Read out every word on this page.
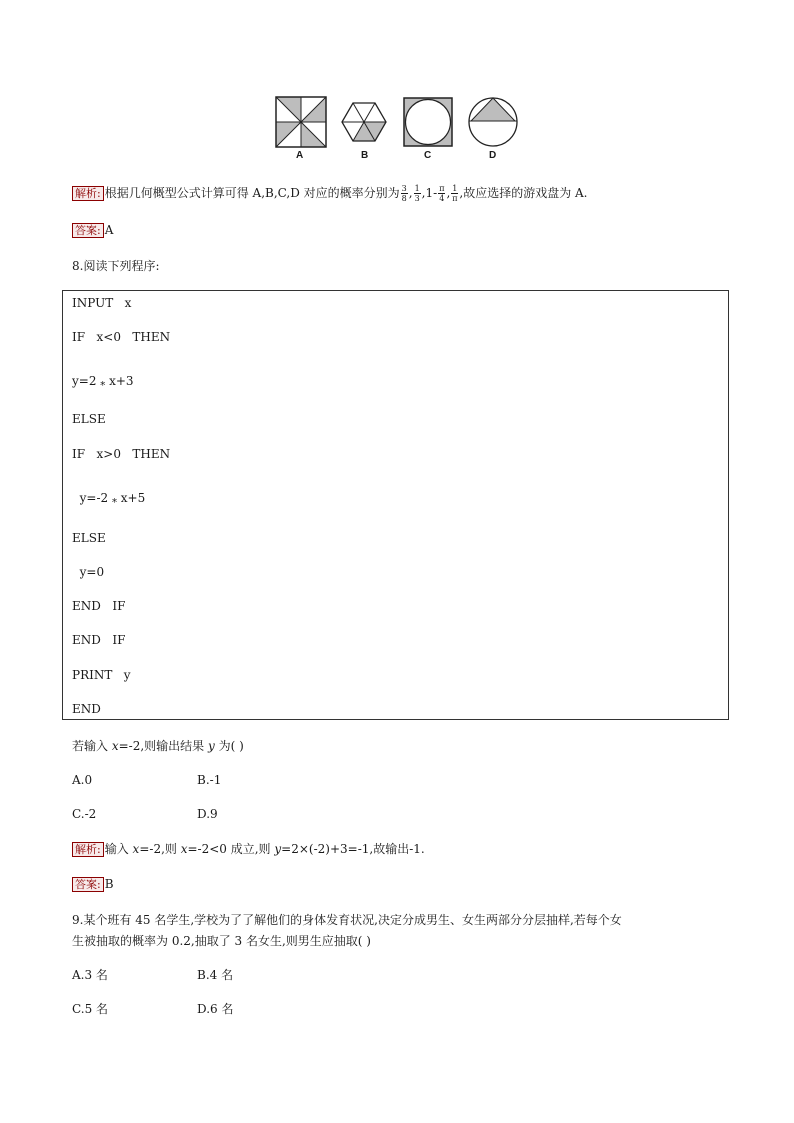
A	B	C	D
解析: 根据几何概型公式计算可得 A,B,C,D 对应的概率分别为 $\frac{3}{8}$ , $\frac{1}{3} ,1- \frac{\pi}{4}$ , $\frac{1}{\pi}$ ,故应选择的游戏盘为 A.
答案: A
8.阅读下列程序:
INPUT   x
IF   x<0   THEN
y=2 $_*$ x+3
ELSE
IF   x>0   THEN
y=-2 $_*$ x+5
ELSE
y=0
END   IF
END   IF
PRINT   y
END
若输入 x=-2,则输出结果 y 为( )
A.0	B.-1
C.-2	D.9
解析: 输入 x=-2,则 x=-2<0 成立,则 y=2×(-2)+3=-1,故输出-1.
答案: B
9.某个班有 45 名学生,学校为了了解他们的身体发育状况,决定分成男生、女生两部分分层抽样,若每个女
生被抽取的概率为 0.2,抽取了 3 名女生,则男生应抽取( )
A.3 名	B.4 名
C.5 名	D.6 名
